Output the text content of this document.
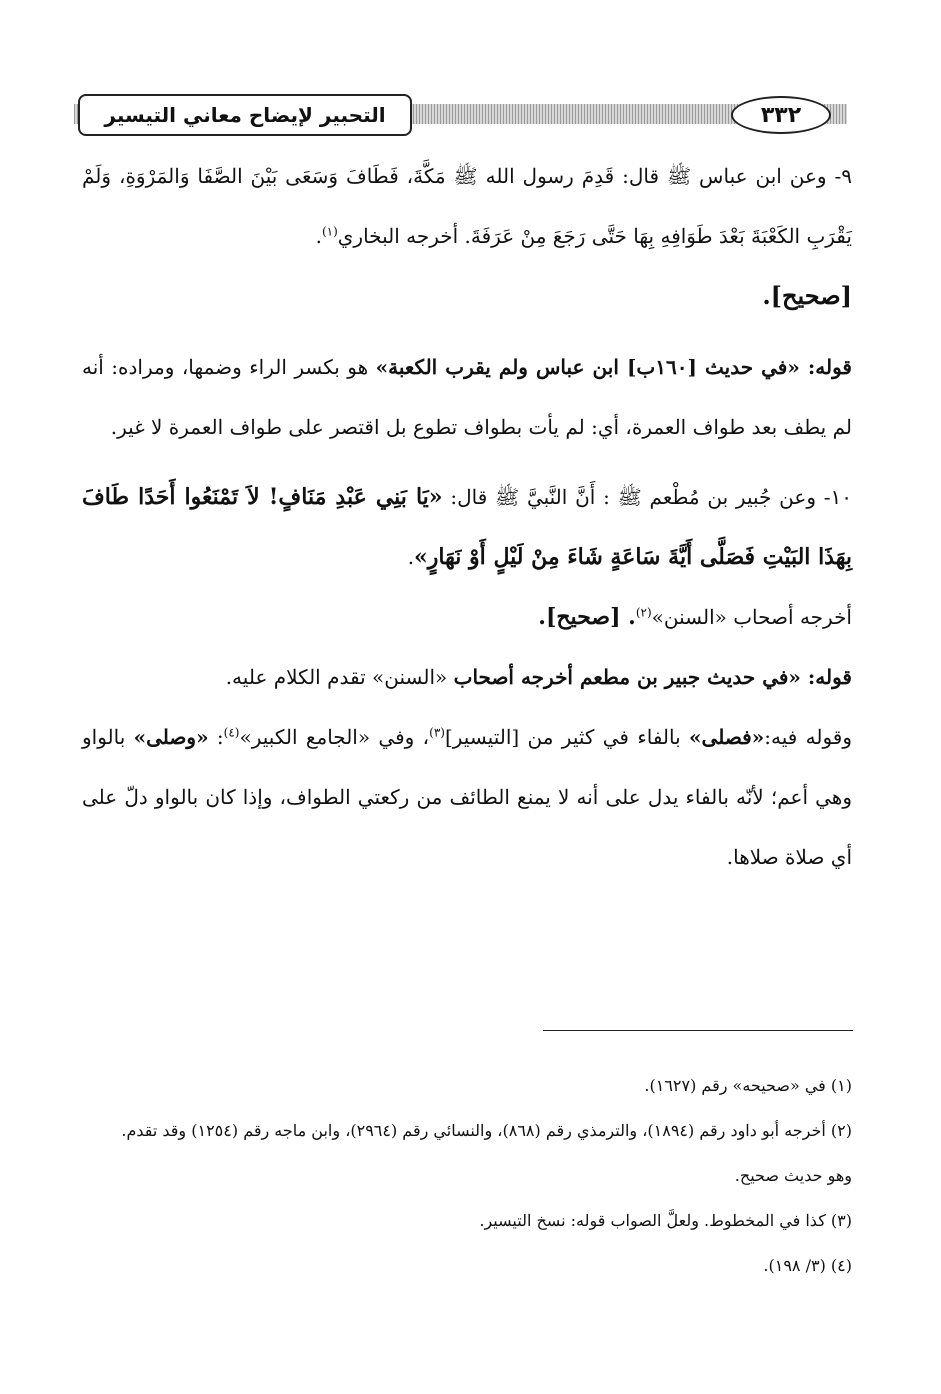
التحبير لإيضاح معاني التيسير	٣٣٢

٩- وعن ابن عباس ﷺ قال: قَدِمَ رسول الله ﷺ مَكَّةَ، فَطَافَ وَسَعَى بَيْنَ الصَّفَا وَالمَرْوَةِ، وَلَمْ يَقْرَبِ الكَعْبَةَ بَعْدَ طَوَافِهِ بِهَا حَتَّى رَجَعَ مِنْ عَرَفَةَ. أخرجه البخاري$^{(١)}$.
[صحيح].

قوله: «في حديث [١٦٠ب] ابن عباس ولم يقرب الكعبة» هو بكسر الراء وضمها، ومراده: أنه لم يطف بعد طواف العمرة، أي: لم يأت بطواف تطوع بل اقتصر على طواف العمرة لا غير.

١٠- وعن جُبير بن مُطْعم ﷺ : أَنَّ النَّبيَّ ﷺ قال: «يَا بَنِي عَبْدِ مَنَافٍ! لاَ تَمْنَعُوا أَحَدًا طَافَ بِهَذَا البَيْتِ فَصَلَّى أَيَّةَ سَاعَةٍ شَاءَ مِنْ لَيْلٍ أَوْ نَهَارٍ».

أخرجه أصحاب «السنن»$^{(٢)}$. [صحيح].

قوله: «في حديث جبير بن مطعم أخرجه أصحاب «السنن» تقدم الكلام عليه.

وقوله فيه:«فصلى» بالفاء في كثير من [التيسير]$^{(٣)}$، وفي «الجامع الكبير»$^{(٤)}$: «وصلى» بالواو وهي أعم؛ لأنّه بالفاء يدل على أنه لا يمنع الطائف من ركعتي الطواف، وإذا كان بالواو دلّ على أي صلاة صلاها.

(١) في «صحيحه» رقم (١٦٢٧).

(٢) أخرجه أبو داود رقم (١٨٩٤)، والترمذي رقم (٨٦٨)، والنسائي رقم (٢٩٦٤)، وابن ماجه رقم (١٢٥٤) وقد تقدم.

وهو حديث صحيح.

(٣) كذا في المخطوط. ولعلَّ الصواب قوله: نسخ التيسير.

(٤) (٣/ ١٩٨).
